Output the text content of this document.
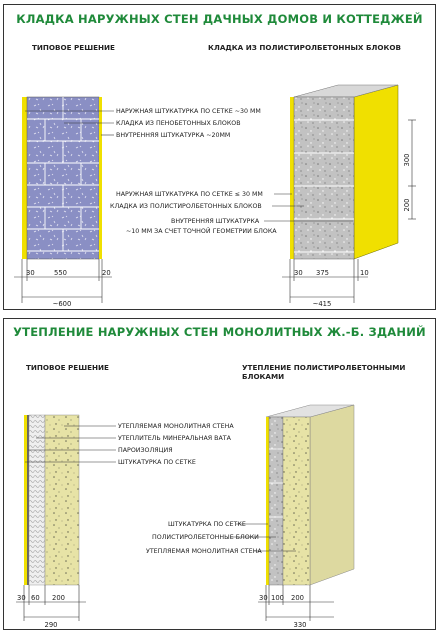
КЛАДКА НАРУЖНЫХ СТЕН ДАЧНЫХ ДОМОВ И КОТТЕДЖЕЙ
ТИПОВОЕ РЕШЕНИЕ	КЛАДКА ИЗ ПОЛИСТИРОЛБЕТОННЫХ БЛОКОВ
НАРУЖНАЯ ШТУКАТУРКА ПО СЕТКЕ ~30 ММ
КЛАДКА ИЗ ПЕНОБЕТОННЫХ БЛОКОВ
ВНУТРЕННЯЯ ШТУКАТУРКА ~20ММ
НАРУЖНАЯ ШТУКАТУРКА ПО СЕТКЕ ≤ 30 ММ
КЛАДКА ИЗ ПОЛИСТИРОЛБЕТОННЫХ БЛОКОВ
ВНУТРЕННЯЯ ШТУКАТУРКА
~10 ММ ЗА СЧЕТ ТОЧНОЙ ГЕОМЕТРИИ БЛОКА
300
200
30	550	20
~600
30 375	10
~415
УТЕПЛЕНИЕ НАРУЖНЫХ СТЕН МОНОЛИТНЫХ Ж.-Б. ЗДАНИЙ
ТИПОВОЕ РЕШЕНИЕ	УТЕПЛЕНИЕ ПОЛИСТИРОЛБЕТОННЫМИ БЛОКАМИ
УТЕПЛЯЕМАЯ МОНОЛИТНАЯ СТЕНА
УТЕПЛИТЕЛЬ МИНЕРАЛЬНАЯ ВАТА
ПАРОИЗОЛЯЦИЯ
ШТУКАТУРКА ПО СЕТКЕ
ШТУКАТУРКА ПО СЕТКЕ
ПОЛИСТИРОЛБЕТОННЫЕ БЛОКИ
УТЕПЛЯЕМАЯ МОНОЛИТНАЯ СТЕНА
30 60 200
290
30 100 200
330
